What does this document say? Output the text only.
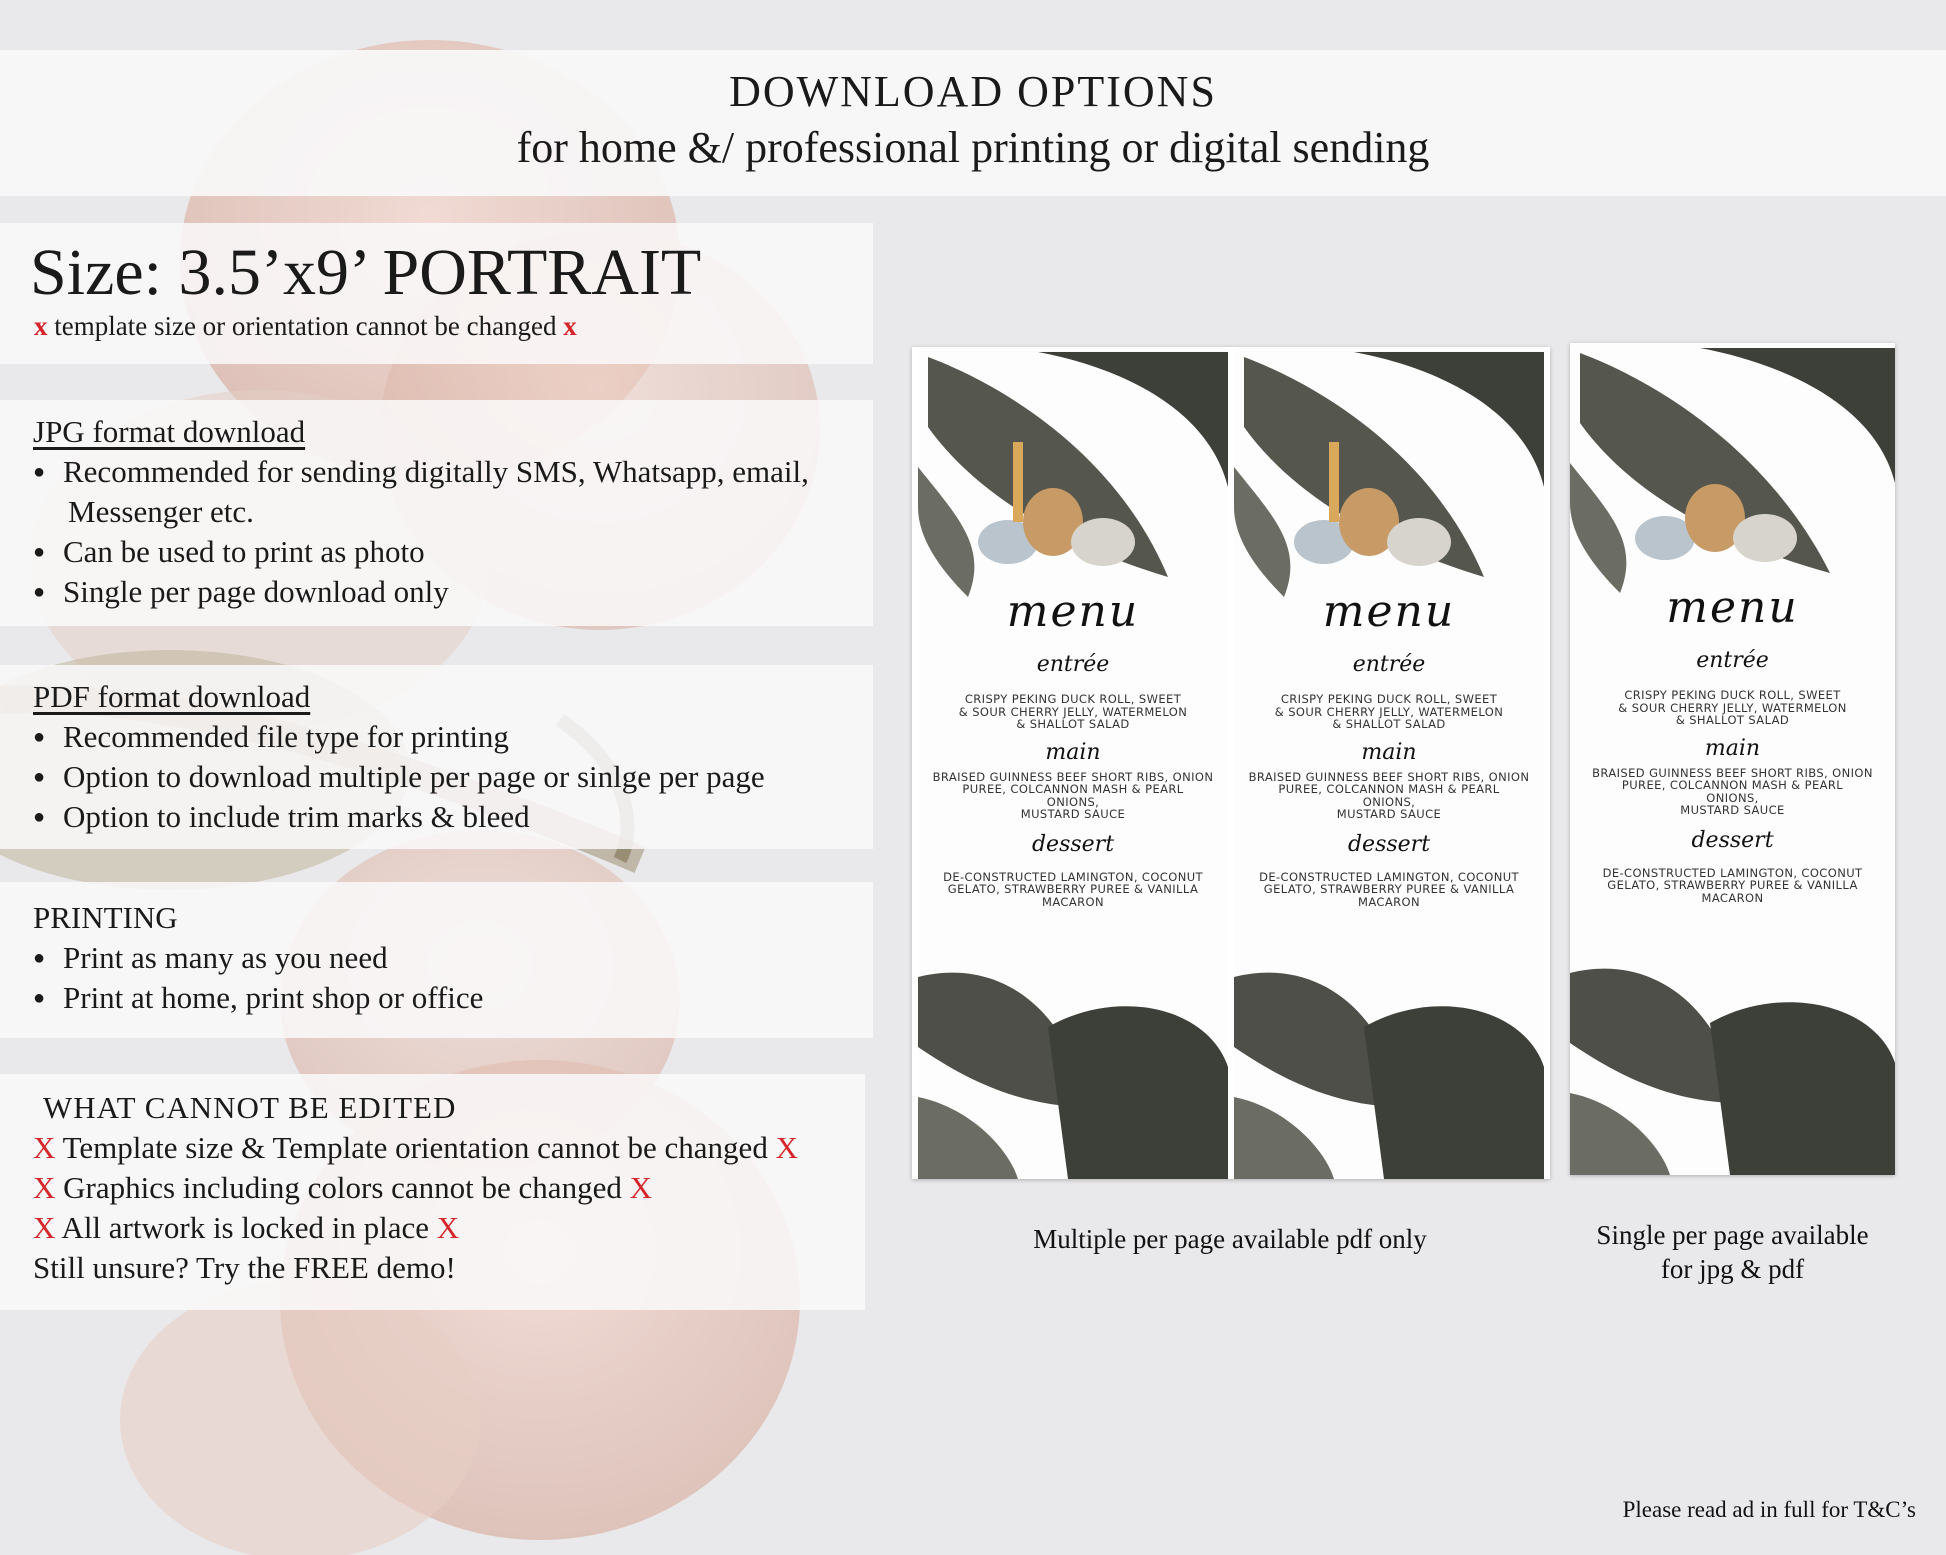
DOWNLOAD OPTIONS
for home &/ professional printing or digital sending
Size: 3.5’x9’ PORTRAIT
x template size or orientation cannot be changed x
JPG format download
● Recommended for sending digitally SMS, Whatsapp, email,
Messenger etc.
● Can be used to print as photo
● Single per page download only
PDF format download
● Recommended file type for printing
● Option to download multiple per page or sinlge per page
● Option to include trim marks & bleed
PRINTING
● Print as many as you need
● Print at home, print shop or office
WHAT CANNOT BE EDITED
X Template size & Template orientation cannot be changed X
X Graphics including colors cannot be changed X
X All artwork is locked in place X
Still unsure? Try the FREE demo!
menu
entrée
CRISPY PEKING DUCK ROLL, SWEET
& SOUR CHERRY JELLY, WATERMELON
& SHALLOT SALAD
main
BRAISED GUINNESS BEEF SHORT RIBS, ONION
PUREE, COLCANNON MASH & PEARL
ONIONS,
MUSTARD SAUCE
dessert
DE-CONSTRUCTED LAMINGTON, COCONUT
GELATO, STRAWBERRY PUREE & VANILLA
MACARON
menu
entrée
CRISPY PEKING DUCK ROLL, SWEET
& SOUR CHERRY JELLY, WATERMELON
& SHALLOT SALAD
main
BRAISED GUINNESS BEEF SHORT RIBS, ONION
PUREE, COLCANNON MASH & PEARL
ONIONS,
MUSTARD SAUCE
dessert
DE-CONSTRUCTED LAMINGTON, COCONUT
GELATO, STRAWBERRY PUREE & VANILLA
MACARON
menu
entrée
CRISPY PEKING DUCK ROLL, SWEET
& SOUR CHERRY JELLY, WATERMELON
& SHALLOT SALAD
main
BRAISED GUINNESS BEEF SHORT RIBS, ONION
PUREE, COLCANNON MASH & PEARL
ONIONS,
MUSTARD SAUCE
dessert
DE-CONSTRUCTED LAMINGTON, COCONUT
GELATO, STRAWBERRY PUREE & VANILLA
MACARON
Multiple per page available pdf only	Single per page available
for jpg & pdf
Please read ad in full for T&C’s
